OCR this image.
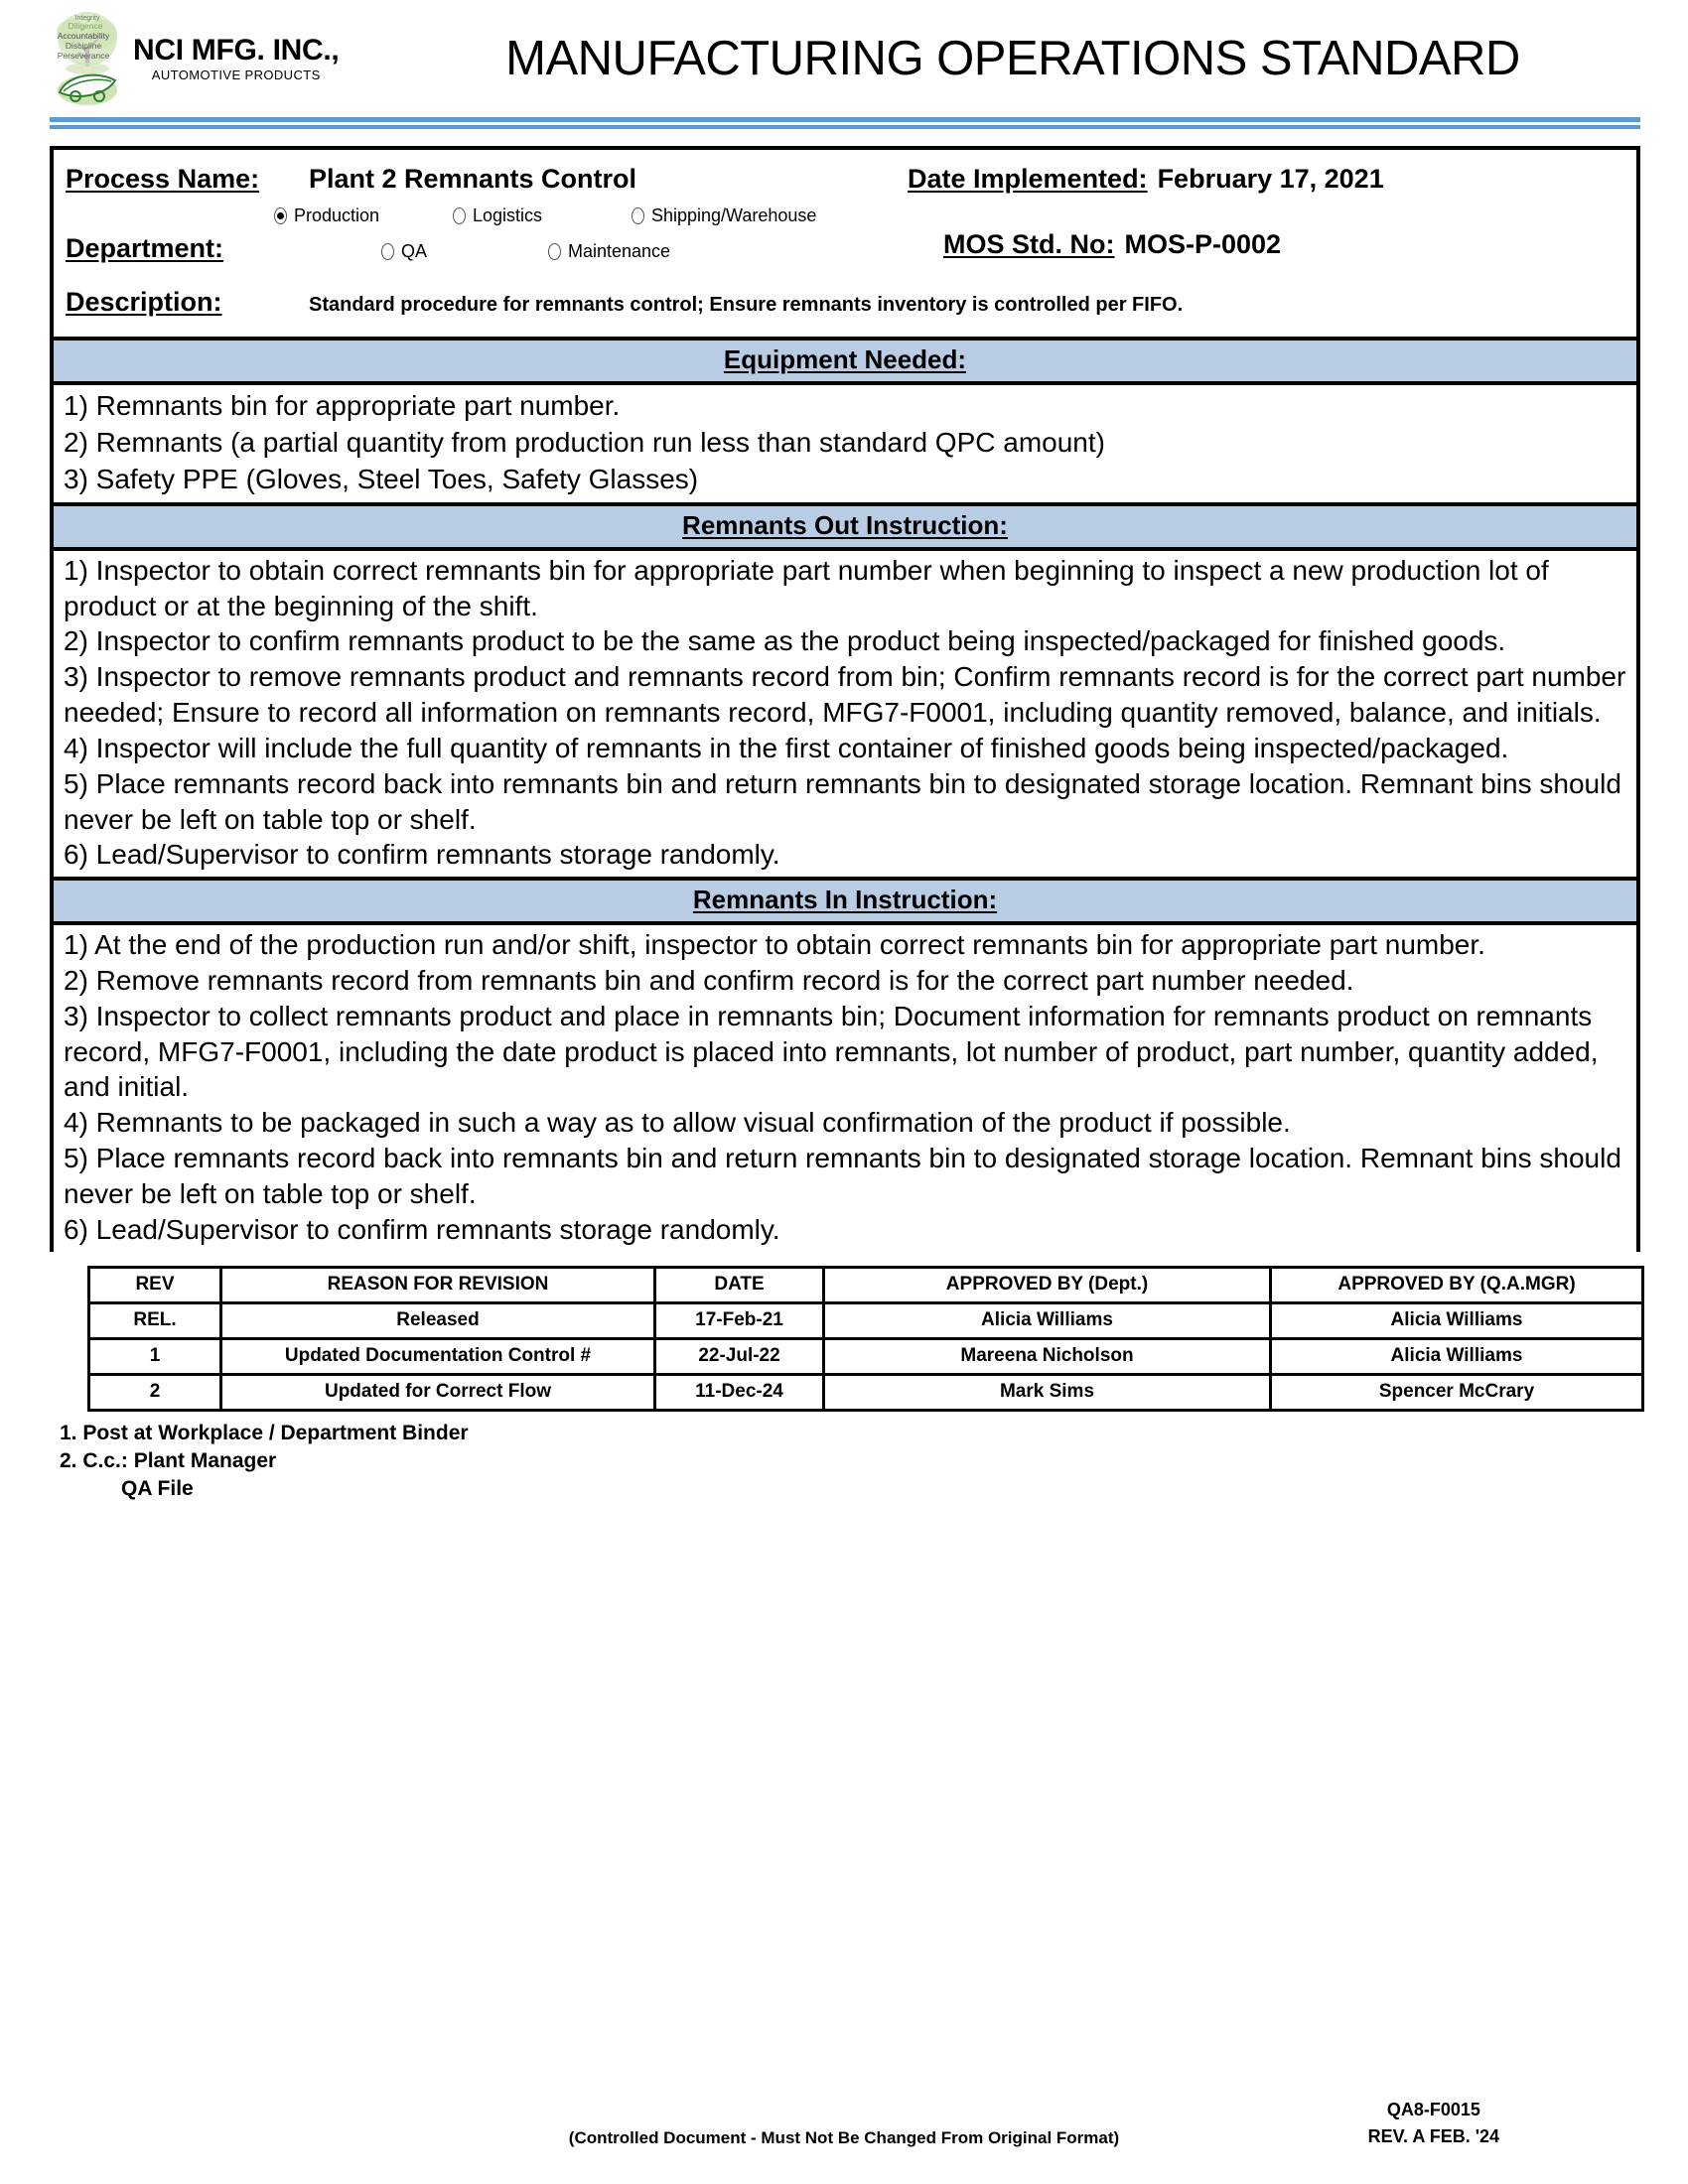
Integrity
Diligence
Accountability
Discipline
Perseverance NCI MFG. INC.,
AUTOMOTIVE PRODUCTS	MANUFACTURING OPERATIONS STANDARD
Process Name:	Plant 2 Remnants Control	Date Implemented: February 17, 2021
Department:
Production	Logistics	Shipping/Warehouse
QA	Maintenance	MOS Std. No: MOS-P-0002
Description:	Standard procedure for remnants control; Ensure remnants inventory is controlled per FIFO.
Equipment Needed:

1) Remnants bin for appropriate part number.

2) Remnants (a partial quantity from production run less than standard QPC amount)

3) Safety PPE (Gloves, Steel Toes, Safety Glasses)

Remnants Out Instruction:

1) Inspector to obtain correct remnants bin for appropriate part number when beginning to inspect a new production lot of product or at the beginning of the shift.

2) Inspector to confirm remnants product to be the same as the product being inspected/packaged for finished goods.

3) Inspector to remove remnants product and remnants record from bin; Confirm remnants record is for the correct part number needed; Ensure to record all information on remnants record, MFG7-F0001, including quantity removed, balance, and initials.

4) Inspector will include the full quantity of remnants in the first container of finished goods being inspected/packaged.

5) Place remnants record back into remnants bin and return remnants bin to designated storage location. Remnant bins should never be left on table top or shelf.

6) Lead/Supervisor to confirm remnants storage randomly.

Remnants In Instruction:

1) At the end of the production run and/or shift, inspector to obtain correct remnants bin for appropriate part number.

2) Remove remnants record from remnants bin and confirm record is for the correct part number needed.

3) Inspector to collect remnants product and place in remnants bin; Document information for remnants product on remnants record, MFG7-F0001, including the date product is placed into remnants, lot number of product, part number, quantity added, and initial.

4) Remnants to be packaged in such a way as to allow visual confirmation of the product if possible.

5) Place remnants record back into remnants bin and return remnants bin to designated storage location. Remnant bins should never be left on table top or shelf.

6) Lead/Supervisor to confirm remnants storage randomly.

REV	REASON FOR REVISION	DATE	APPROVED BY (Dept.)	APPROVED BY (Q.A.MGR)
REL.	Released	17-Feb-21	Alicia Williams	Alicia Williams
1	Updated Documentation Control #	22-Jul-22	Mareena Nicholson	Alicia Williams
2	Updated for Correct Flow	11-Dec-24	Mark Sims	Spencer McCrary
1. Post at Workplace / Department Binder
2. C.c.: Plant Manager
QA File
(Controlled Document - Must Not Be Changed From Original Format)
QA8-F0015
REV. A FEB. '24
